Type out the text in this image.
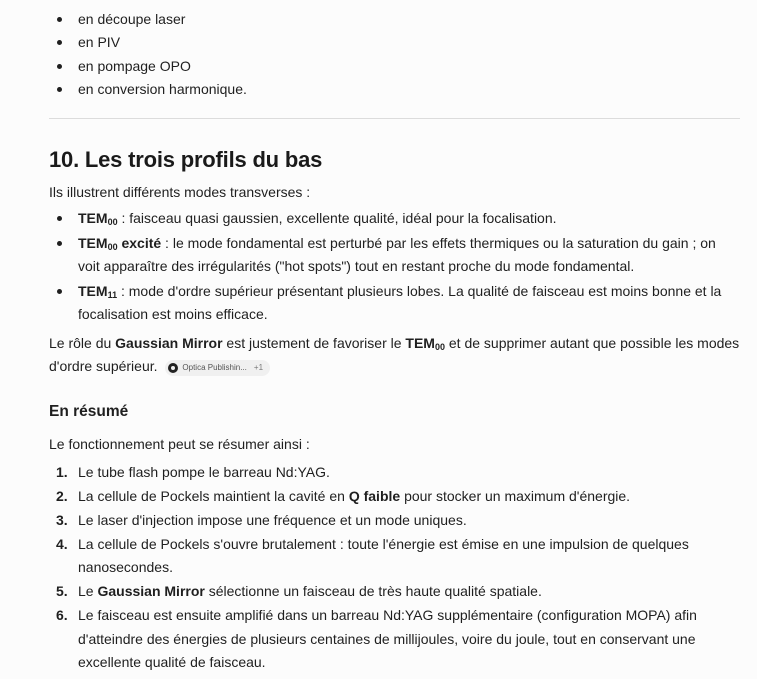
en découpe laser
en PIV
en pompage OPO
en conversion harmonique.
10. Les trois profils du bas

Ils illustrent différents modes transverses :

$TEM_{00}$ : faisceau quasi gaussien, excellente qualité, idéal pour la focalisation.
$TEM_{00}$ excité : le mode fondamental est perturbé par les effets thermiques ou la saturation du gain ; on voit apparaître des irrégularités ("hot spots") tout en restant proche du mode fondamental.
$TEM_{11}$ : mode d'ordre supérieur présentant plusieurs lobes. La qualité de faisceau est moins bonne et la focalisation est moins efficace.

Le rôle du Gaussian Mirror est justement de favoriser le $TEM_{00}$ et de supprimer autant que possible les modes d'ordre supérieur.	Optica Publishin... +1

En résumé

Le fonctionnement peut se résumer ainsi :

1. Le tube flash pompe le barreau Nd:YAG.
2. La cellule de Pockels maintient la cavité en Q faible pour stocker un maximum d'énergie.
3. Le laser d'injection impose une fréquence et un mode uniques.
4. La cellule de Pockels s'ouvre brutalement : toute l'énergie est émise en une impulsion de quelques nanosecondes.
5. Le Gaussian Mirror sélectionne un faisceau de très haute qualité spatiale.
6. Le faisceau est ensuite amplifié dans un barreau Nd:YAG supplémentaire (configuration MOPA) afin d'atteindre des énergies de plusieurs centaines de millijoules, voire du joule, tout en conservant une excellente qualité de faisceau.
